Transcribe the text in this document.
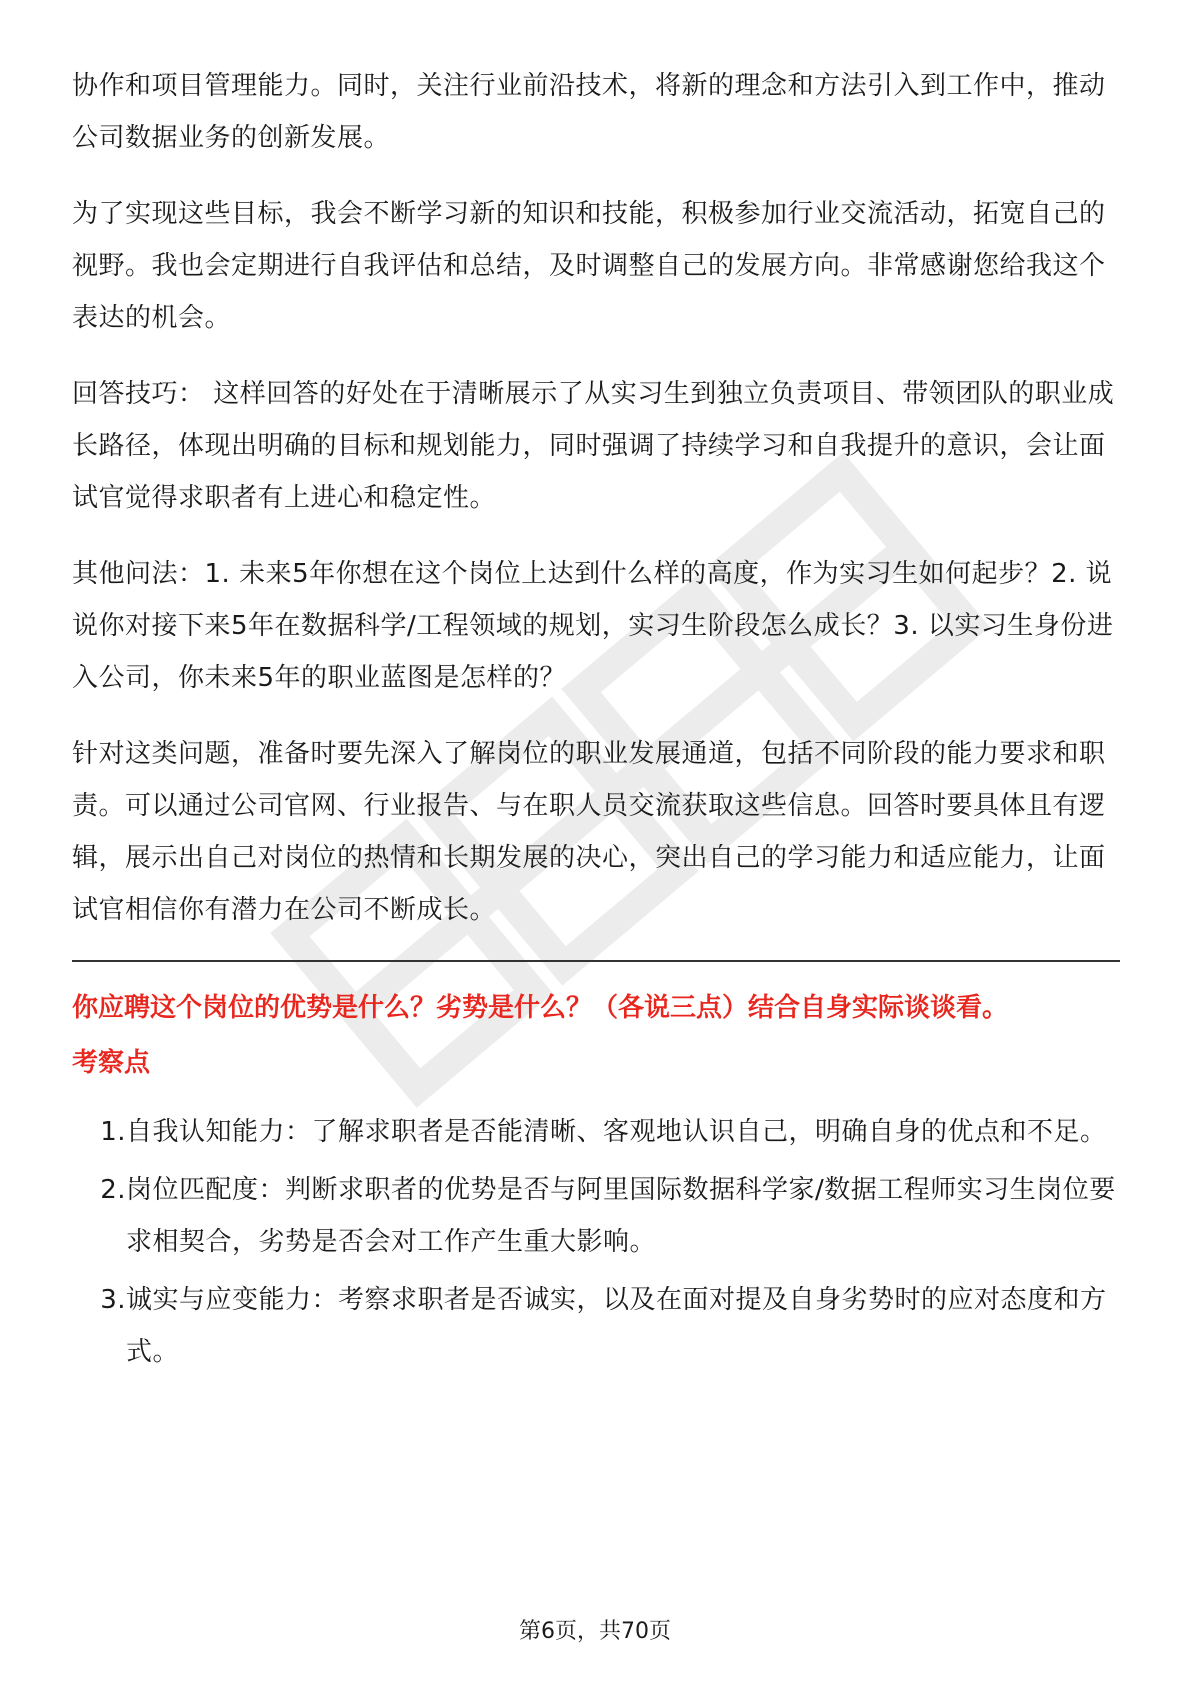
协作和项目管理能力。同时，关注行业前沿技术，将新的理念和方法引入到工作中，推动公司数据业务的创新发展。

为了实现这些目标，我会不断学习新的知识和技能，积极参加行业交流活动，拓宽自己的视野。我也会定期进行自我评估和总结，及时调整自己的发展方向。非常感谢您给我这个表达的机会。

回答技巧： 这样回答的好处在于清晰展示了从实习生到独立负责项目、带领团队的职业成长路径，体现出明确的目标和规划能力，同时强调了持续学习和自我提升的意识，会让面试官觉得求职者有上进心和稳定性。

其他问法：1. 未来5年你想在这个岗位上达到什么样的高度，作为实习生如何起步？2. 说说你对接下来5年在数据科学/工程领域的规划，实习生阶段怎么成长？3. 以实习生身份进入公司，你未来5年的职业蓝图是怎样的？

针对这类问题，准备时要先深入了解岗位的职业发展通道，包括不同阶段的能力要求和职责。可以通过公司官网、行业报告、与在职人员交流获取这些信息。回答时要具体且有逻辑，展示出自己对岗位的热情和长期发展的决心，突出自己的学习能力和适应能力，让面试官相信你有潜力在公司不断成长。

你应聘这个岗位的优势是什么？劣势是什么？（各说三点）结合自身实际谈谈看。

考察点

1. 自我认知能力：了解求职者是否能清晰、客观地认识自己，明确自身的优点和不足。
2. 岗位匹配度：判断求职者的优势是否与阿里国际数据科学家/数据工程师实习生岗位要求相契合，劣势是否会对工作产生重大影响。
3. 诚实与应变能力：考察求职者是否诚实，以及在面对提及自身劣势时的应对态度和方式。
第6页，共70页
